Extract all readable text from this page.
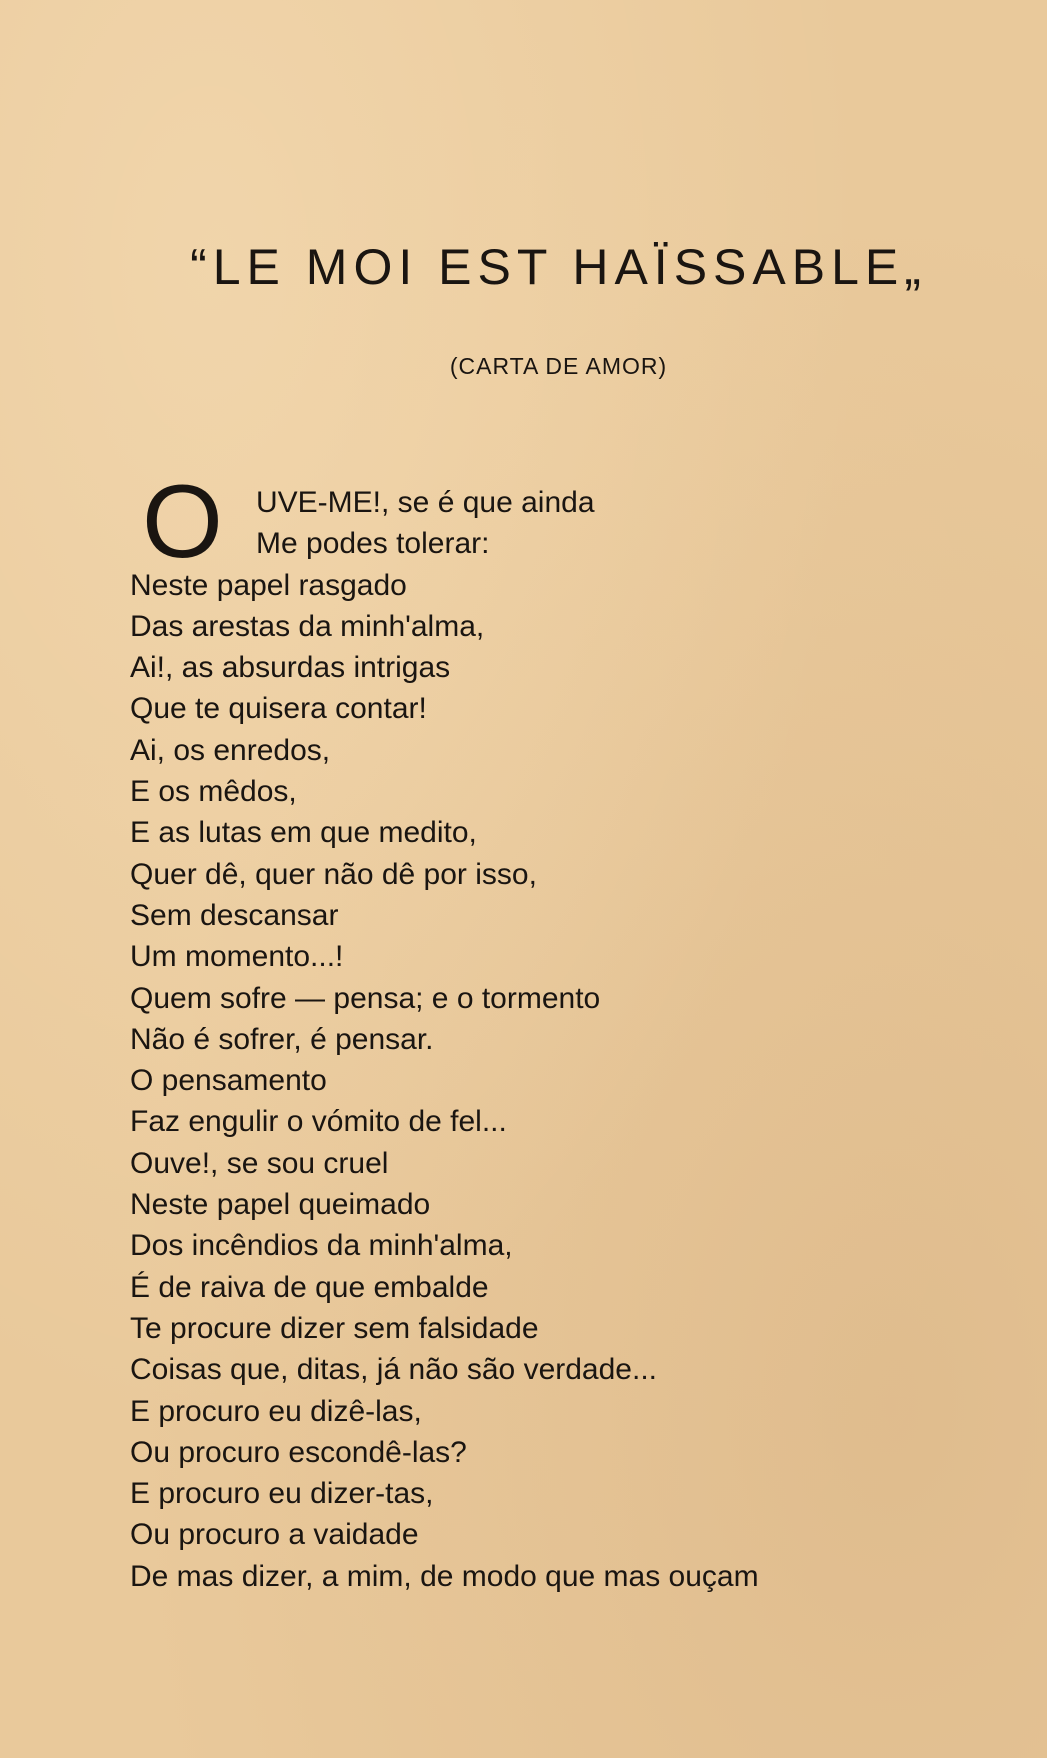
“LE MOI EST HAÏSSABLE„

(CARTA DE AMOR)

O	UVE-ME!, se é que ainda
Me podes tolerar:
Neste papel rasgado
Das arestas da minh'alma,
Ai!, as absurdas intrigas
Que te quisera contar!
Ai, os enredos,
E os mêdos,
E as lutas em que medito,
Quer dê, quer não dê por isso,
Sem descansar
Um momento...!
Quem sofre — pensa; e o tormento
Não é sofrer, é pensar.
O pensamento
Faz engulir o vómito de fel...
Ouve!, se sou cruel
Neste papel queimado
Dos incêndios da minh'alma,
É de raiva de que embalde
Te procure dizer sem falsidade
Coisas que, ditas, já não são verdade...
E procuro eu dizê-las,
Ou procuro escondê-las?
E procuro eu dizer-tas,
Ou procuro a vaidade
De mas dizer, a mim, de modo que mas ouçam
